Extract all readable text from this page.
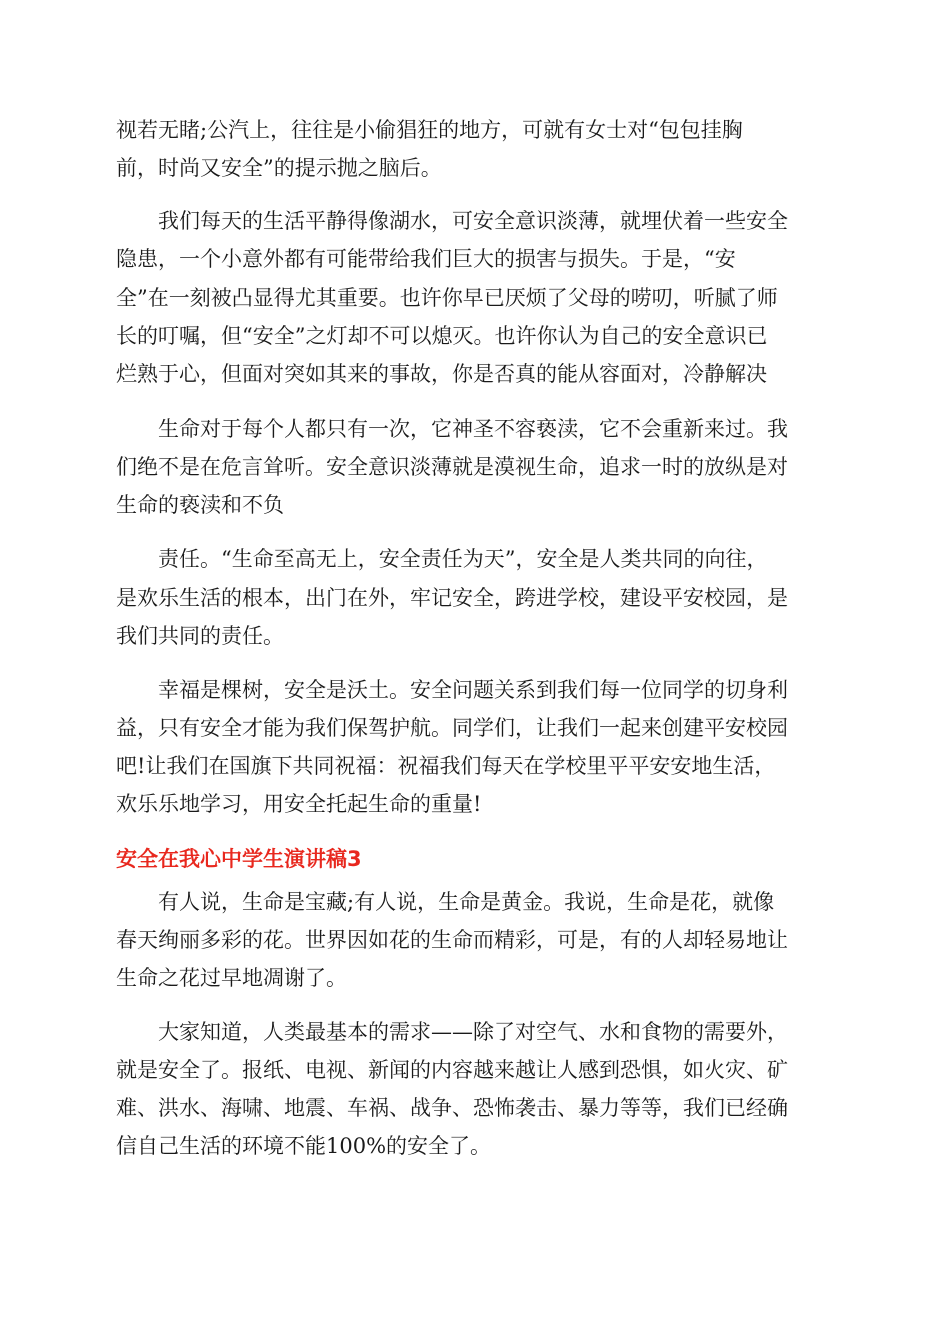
视若无睹;公汽上，往往是小偷猖狂的地方，可就有女士对“包包挂胸

前，时尚又安全”的提示抛之脑后。

　　我们每天的生活平静得像湖水，可安全意识淡薄，就埋伏着一些安全

隐患，一个小意外都有可能带给我们巨大的损害与损失。于是，“安

全”在一刻被凸显得尤其重要。也许你早已厌烦了父母的唠叨，听腻了师

长的叮嘱，但“安全”之灯却不可以熄灭。也许你认为自己的安全意识已

烂熟于心，但面对突如其来的事故，你是否真的能从容面对，冷静解决

　　生命对于每个人都只有一次，它神圣不容亵渎，它不会重新来过。我

们绝不是在危言耸听。安全意识淡薄就是漠视生命，追求一时的放纵是对

生命的亵渎和不负

　　责任。“生命至高无上，安全责任为天”，安全是人类共同的向往，

是欢乐生活的根本，出门在外，牢记安全，跨进学校，建设平安校园，是

我们共同的责任。

　　幸福是棵树，安全是沃土。安全问题关系到我们每一位同学的切身利

益，只有安全才能为我们保驾护航。同学们，让我们一起来创建平安校园

吧!让我们在国旗下共同祝福：祝福我们每天在学校里平平安安地生活，

欢乐乐地学习，用安全托起生命的重量!

安全在我心中学生演讲稿3

　　有人说，生命是宝藏;有人说，生命是黄金。我说，生命是花，就像

春天绚丽多彩的花。世界因如花的生命而精彩，可是，有的人却轻易地让

生命之花过早地凋谢了。

　　大家知道，人类最基本的需求——除了对空气、水和食物的需要外，

就是安全了。报纸、电视、新闻的内容越来越让人感到恐惧，如火灾、矿

难、洪水、海啸、地震、车祸、战争、恐怖袭击、暴力等等，我们已经确

信自己生活的环境不能100%的安全了。
